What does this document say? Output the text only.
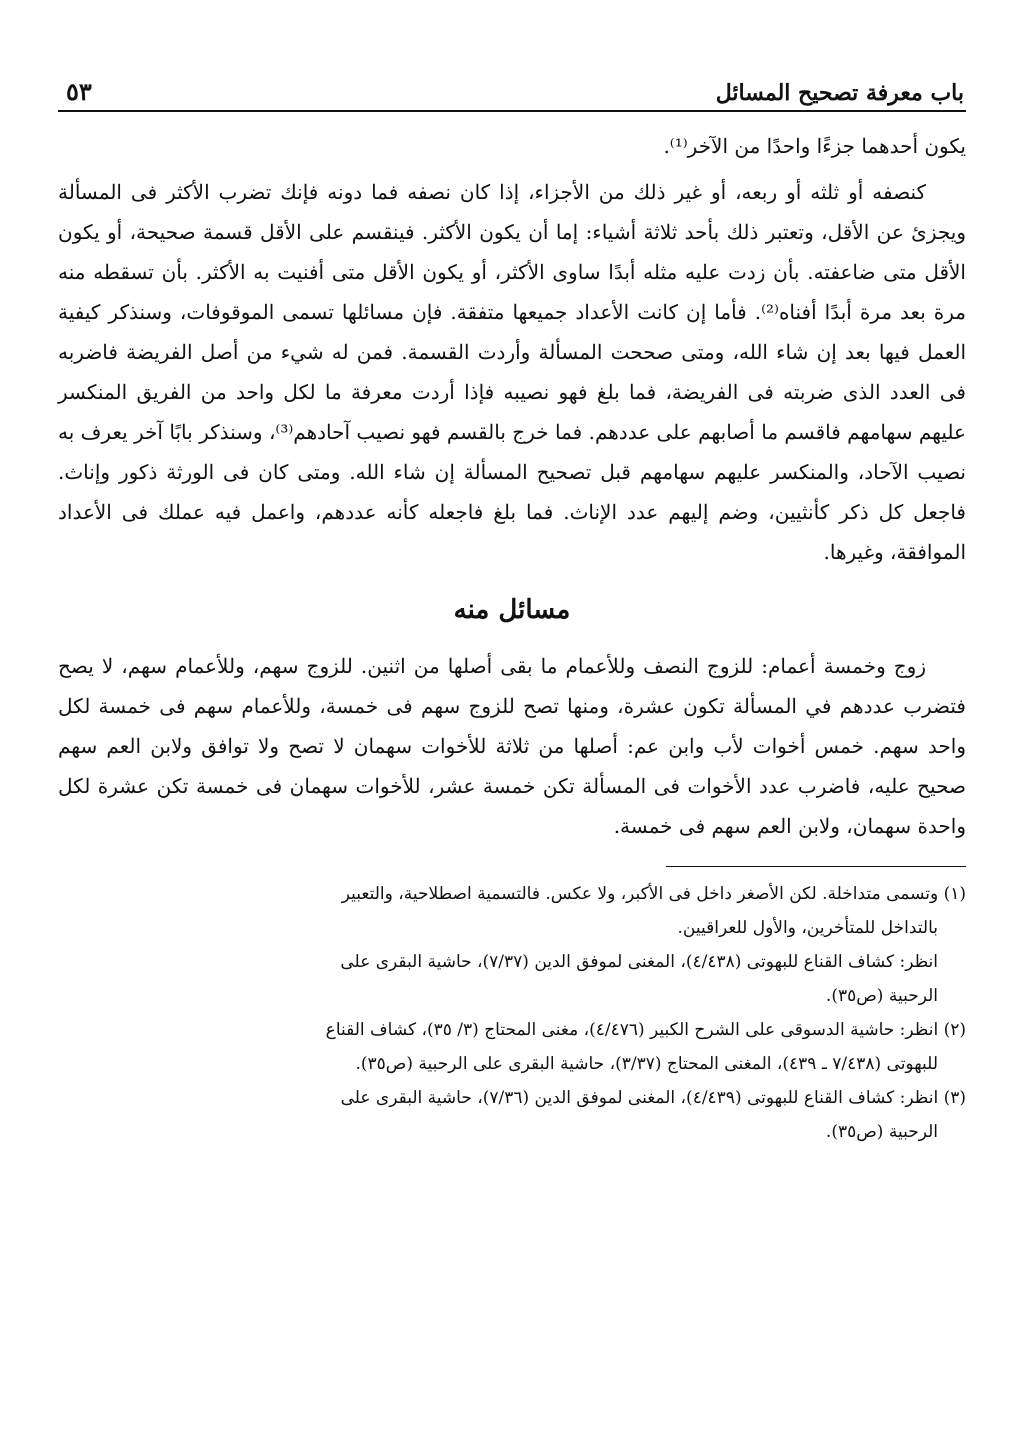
باب معرفة تصحيح المسائل
٥٣

يكون أحدهما جزءًا واحدًا من الآخر⁽¹⁾.

كنصفه أو ثلثه أو ربعه، أو غير ذلك من الأجزاء، إذا كان نصفه فما دونه فإنك تضرب الأكثر فى المسألة ويجزئ عن الأقل، وتعتبر ذلك بأحد ثلاثة أشياء: إما أن يكون الأكثر. فينقسم على الأقل قسمة صحيحة، أو يكون الأقل متى ضاعفته. بأن زدت عليه مثله أبدًا ساوى الأكثر، أو يكون الأقل متى أفنيت به الأكثر. بأن تسقطه منه مرة بعد مرة أبدًا أفناه⁽²⁾. فأما إن كانت الأعداد جميعها متفقة. فإن مسائلها تسمى الموقوفات، وسنذكر كيفية العمل فيها بعد إن شاء الله، ومتى صححت المسألة وأردت القسمة. فمن له شيء من أصل الفريضة فاضربه فى العدد الذى ضربته فى الفريضة، فما بلغ فهو نصيبه فإذا أردت معرفة ما لكل واحد من الفريق المنكسر عليهم سهامهم فاقسم ما أصابهم على عددهم. فما خرج بالقسم فهو نصيب آحادهم⁽³⁾، وسنذكر بابًا آخر يعرف به نصيب الآحاد، والمنكسر عليهم سهامهم قبل تصحيح المسألة إن شاء الله. ومتى كان فى الورثة ذكور وإناث. فاجعل كل ذكر كأنثيين، وضم إليهم عدد الإناث. فما بلغ فاجعله كأنه عددهم، واعمل فيه عملك فى الأعداد الموافقة، وغيرها.

مسائل منه

زوج وخمسة أعمام: للزوج النصف وللأعمام ما بقى أصلها من اثنين. للزوج سهم، وللأعمام سهم، لا يصح فتضرب عددهم في المسألة تكون عشرة، ومنها تصح للزوج سهم فى خمسة، وللأعمام سهم فى خمسة لكل واحد سهم. خمس أخوات لأب وابن عم: أصلها من ثلاثة للأخوات سهمان لا تصح ولا توافق ولابن العم سهم صحيح عليه، فاضرب عدد الأخوات فى المسألة تكن خمسة عشر، للأخوات سهمان فى خمسة تكن عشرة لكل واحدة سهمان، ولابن العم سهم فى خمسة.

(١) وتسمى متداخلة. لكن الأصغر داخل فى الأكبر، ولا عكس. فالتسمية اصطلاحية، والتعبير

بالتداخل للمتأخرين، والأول للعراقيين.

انظر: كشاف القناع للبهوتى (٤/٤٣٨)، المغنى لموفق الدين (٧/٣٧)، حاشية البقرى على

الرحبية (ص٣٥).

(٢) انظر: حاشية الدسوقى على الشرح الكبير (٤/٤٧٦)، مغنى المحتاج (٣/ ٣٥)، كشاف القناع

للبهوتى (٧/٤٣٨ ـ ٤٣٩)، المغنى المحتاج (٣/٣٧)، حاشية البقرى على الرحبية (ص٣٥).

(٣) انظر: كشاف القناع للبهوتى (٤/٤٣٩)، المغنى لموفق الدين (٧/٣٦)، حاشية البقرى على

الرحبية (ص٣٥).
